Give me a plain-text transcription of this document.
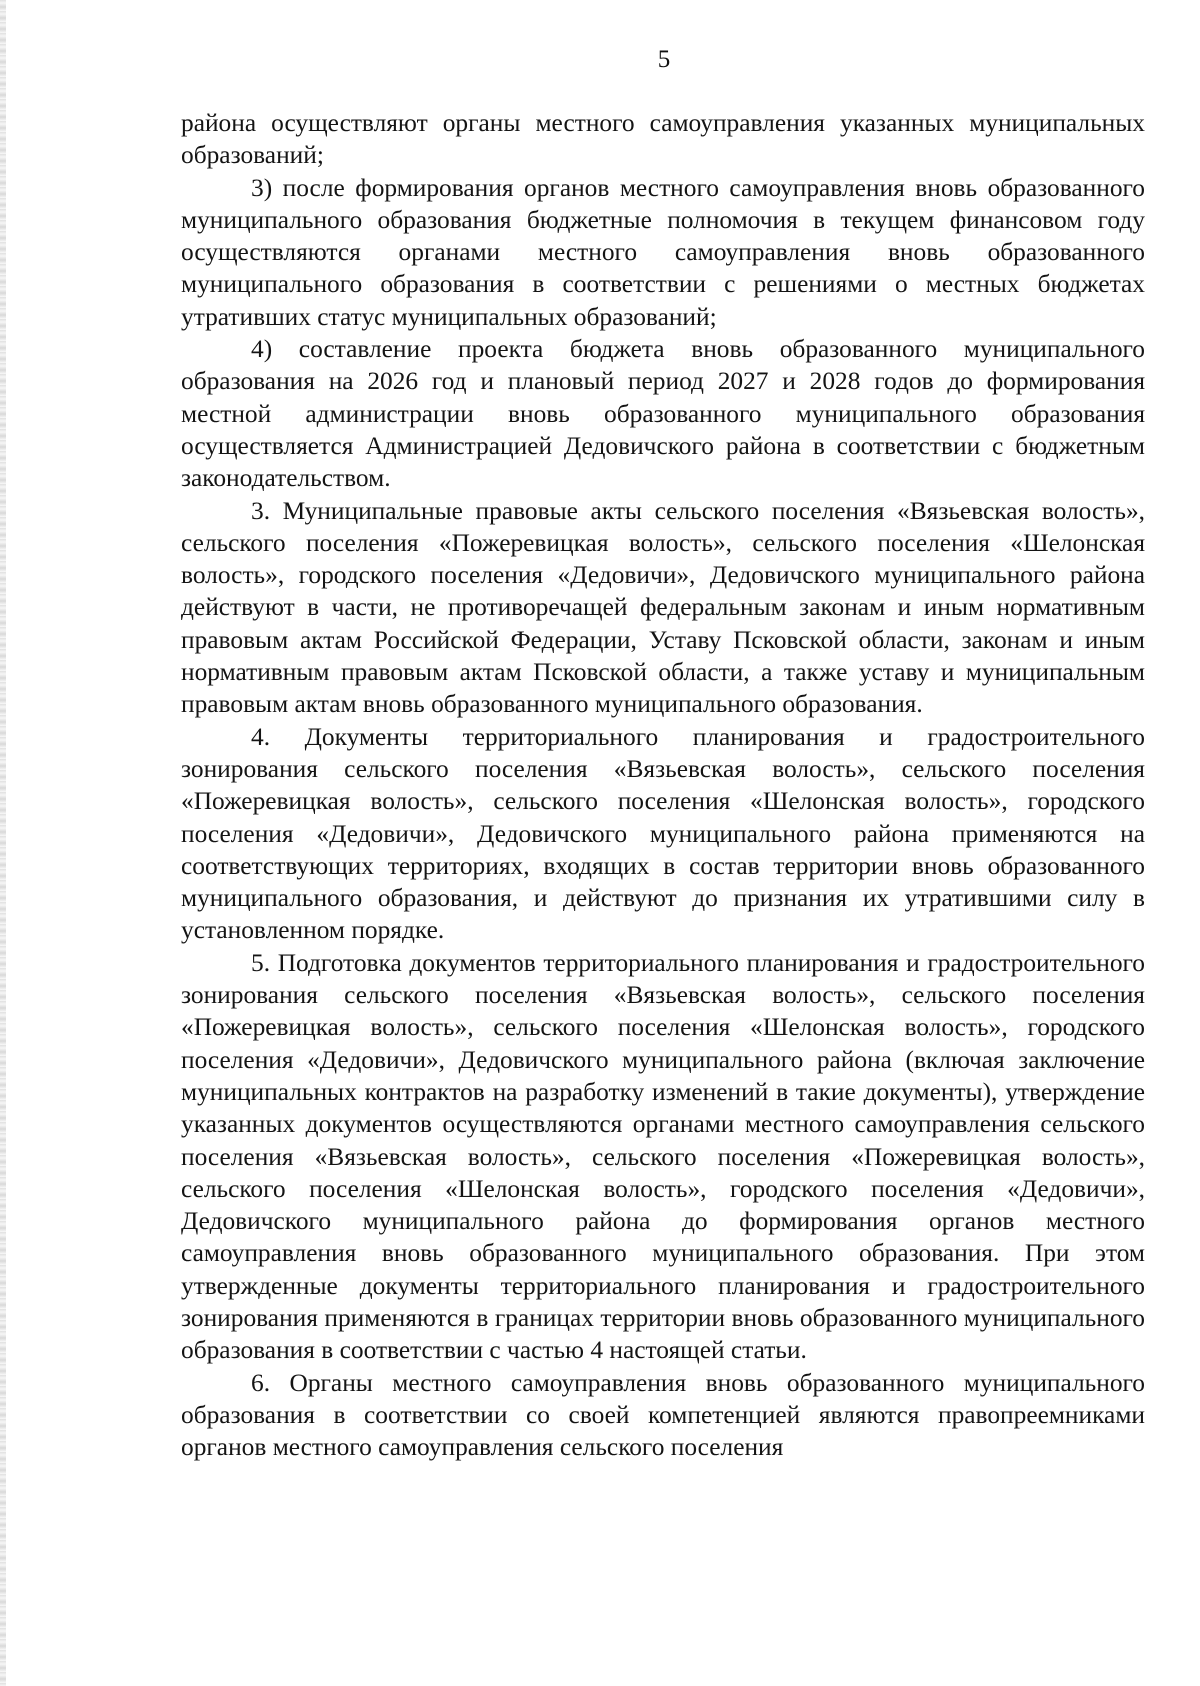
5

района осуществляют органы местного самоуправления указанных муниципальных образований;

3) после формирования органов местного самоуправления вновь образованного муниципального образования бюджетные полномочия в текущем финансовом году осуществляются органами местного самоуправления вновь образованного муниципального образования в соответствии с решениями о местных бюджетах утративших статус муниципальных образований;

4) составление проекта бюджета вновь образованного муниципального образования на 2026 год и плановый период 2027 и 2028 годов до формирования местной администрации вновь образованного муниципального образования осуществляется Администрацией Дедовичского района в соответствии с бюджетным законодательством.

3. Муниципальные правовые акты сельского поселения «Вязьевская волость», сельского поселения «Пожеревицкая волость», сельского поселения «Шелонская волость», городского поселения «Дедовичи», Дедовичского муниципального района действуют в части, не противоречащей федеральным законам и иным нормативным правовым актам Российской Федерации, Уставу Псковской области, законам и иным нормативным правовым актам Псковской области, а также уставу и муниципальным правовым актам вновь образованного муниципального образования.

4. Документы территориального планирования и градостроительного зонирования сельского поселения «Вязьевская волость», сельского поселения «Пожеревицкая волость», сельского поселения «Шелонская волость», городского поселения «Дедовичи», Дедовичского муниципального района применяются на соответствующих территориях, входящих в состав территории вновь образованного муниципального образования, и действуют до признания их утратившими силу в установленном порядке.

5. Подготовка документов территориального планирования и градостроительного зонирования сельского поселения «Вязьевская волость», сельского поселения «Пожеревицкая волость», сельского поселения «Шелонская волость», городского поселения «Дедовичи», Дедовичского муниципального района (включая заключение муниципальных контрактов на разработку изменений в такие документы), утверждение указанных документов осуществляются органами местного самоуправления сельского поселения «Вязьевская волость», сельского поселения «Пожеревицкая волость», сельского поселения «Шелонская волость», городского поселения «Дедовичи», Дедовичского муниципального района до формирования органов местного самоуправления вновь образованного муниципального образования. При этом утвержденные документы территориального планирования и градостроительного зонирования применяются в границах территории вновь образованного муниципального образования в соответствии с частью 4 настоящей статьи.

6. Органы местного самоуправления вновь образованного муниципального образования в соответствии со своей компетенцией являются правопреемниками органов местного самоуправления сельского поселения
